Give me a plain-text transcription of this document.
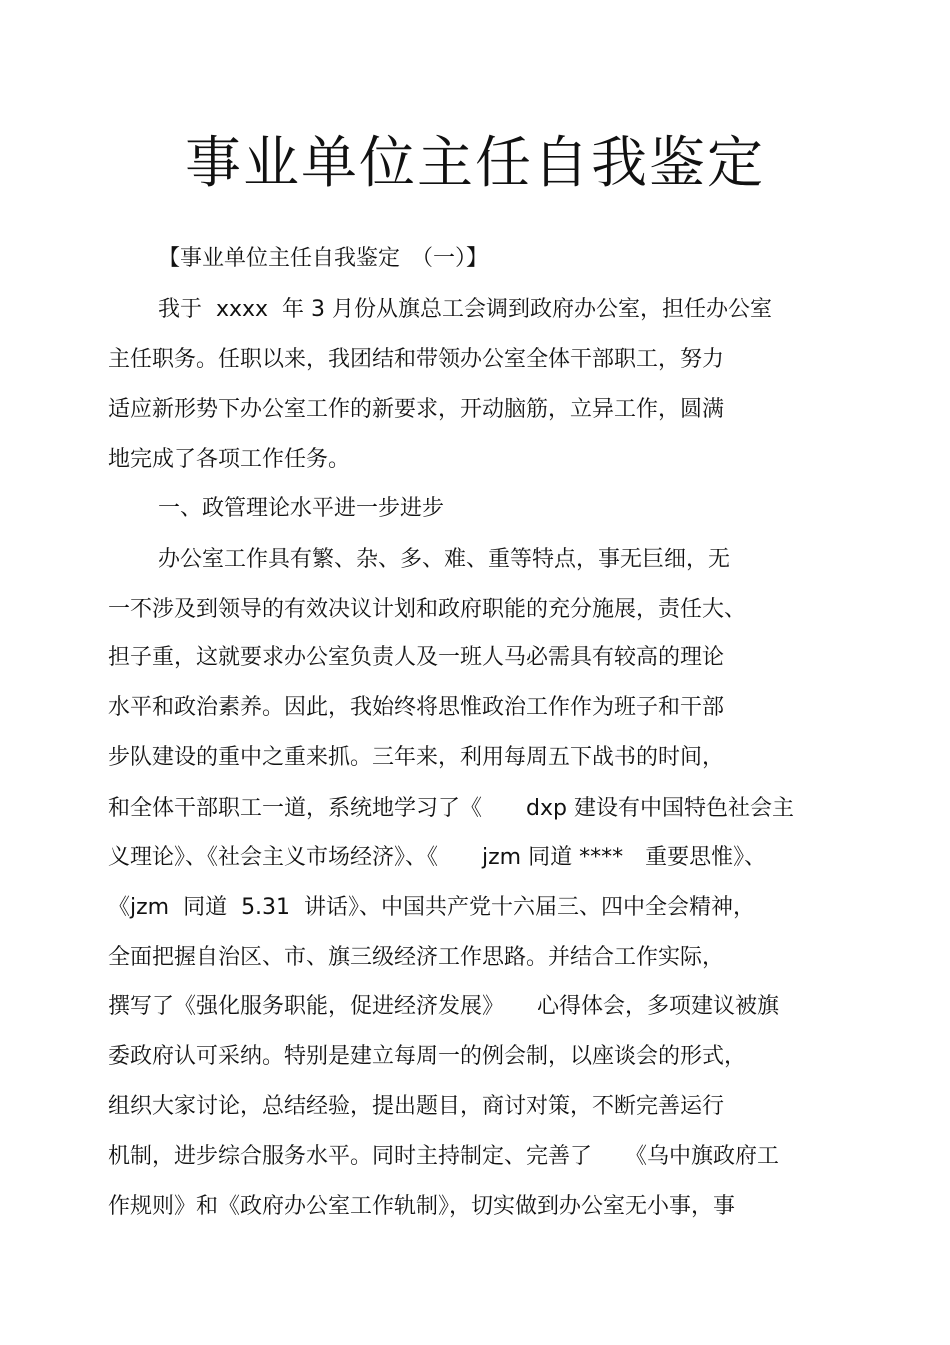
事业单位主任自我鉴定

【事业单位主任自我鉴定　（一）】

我于  xxxx  年 3 月份从旗总工会调到政府办公室，担任办公室

主任职务。任职以来，我团结和带领办公室全体干部职工，努力

适应新形势下办公室工作的新要求，开动脑筋，立异工作，圆满

地完成了各项工作任务。

一、政管理论水平进一步进步

办公室工作具有繁、杂、多、难、重等特点，事无巨细，无

一不涉及到领导的有效决议计划和政府职能的充分施展，责任大、

担子重，这就要求办公室负责人及一班人马必需具有较高的理论

水平和政治素养。因此，我始终将思惟政治工作作为班子和干部

步队建设的重中之重来抓。三年来，利用每周五下战书的时间，

和全体干部职工一道，系统地学习了《　　dxp 建设有中国特色社会主

义理论》、《社会主义市场经济》、《　　jzm 同道 ****　重要思惟》、

《jzm  同道  5.31  讲话》、中国共产党十六届三、四中全会精神，

全面把握自治区、市、旗三级经济工作思路。并结合工作实际，

撰写了《强化服务职能，促进经济发展》　　心得体会，多项建议被旗

委政府认可采纳。特别是建立每周一的例会制，以座谈会的形式，

组织大家讨论，总结经验，提出题目，商讨对策，不断完善运行

机制，进步综合服务水平。同时主持制定、完善了　　《乌中旗政府工

作规则》和《政府办公室工作轨制》，切实做到办公室无小事，事
